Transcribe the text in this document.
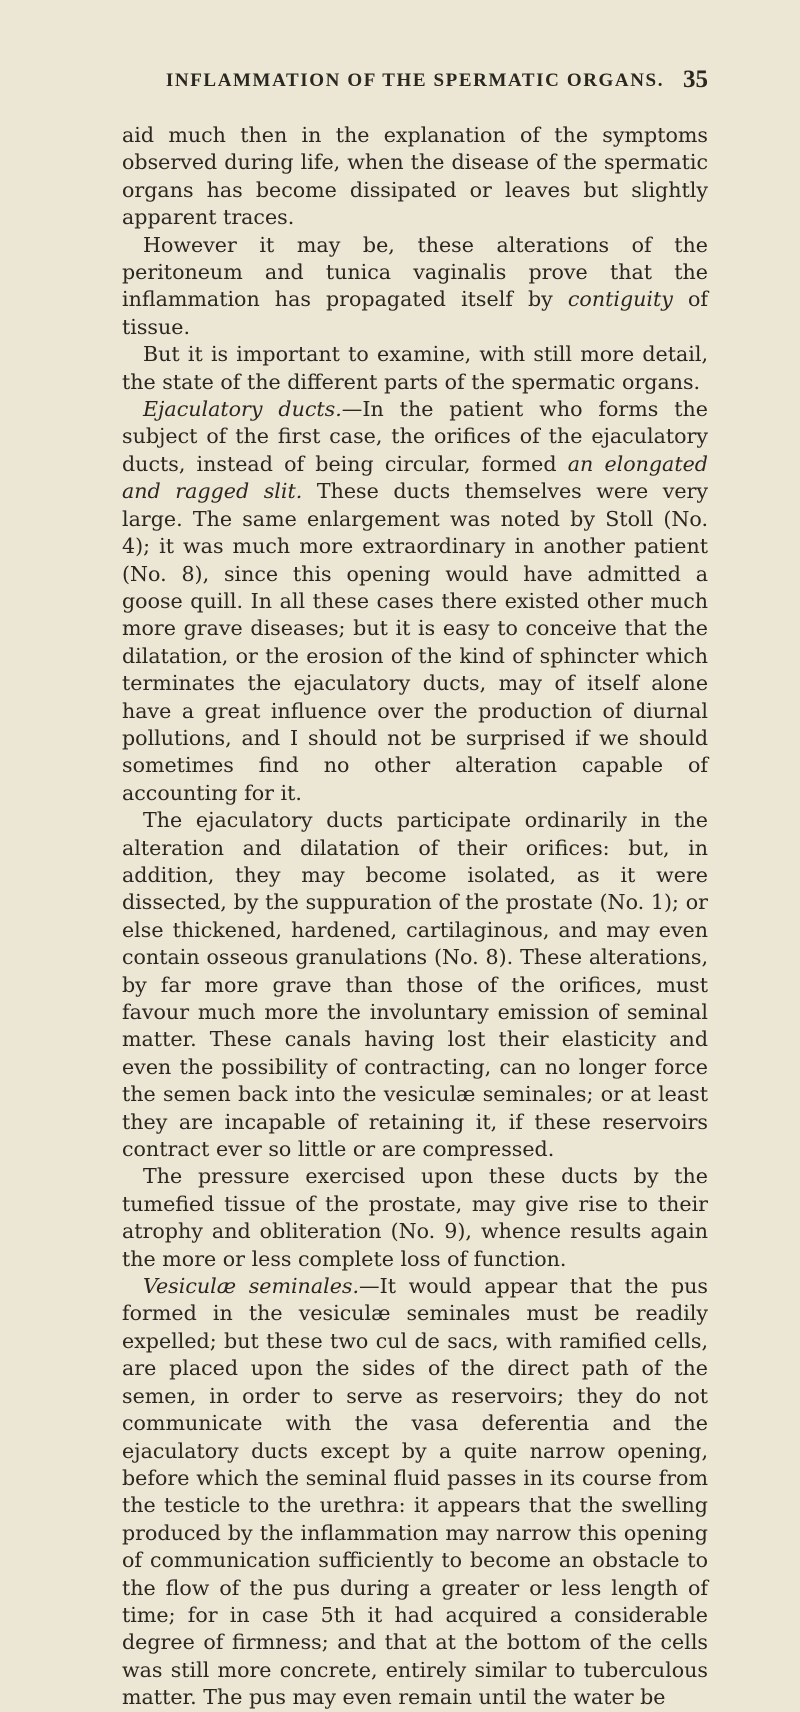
INFLAMMATION OF THE SPERMATIC ORGANS. 35

aid much then in the explanation of the symptoms observed during life, when the disease of the spermatic organs has become dissipated or leaves but slightly apparent traces.

However it may be, these alterations of the peritoneum and tunica vaginalis prove that the inflammation has propagated itself by contiguity of tissue.

But it is important to examine, with still more detail, the state of the different parts of the spermatic organs.

Ejaculatory ducts.—In the patient who forms the subject of the first case, the orifices of the ejaculatory ducts, instead of being circular, formed an elongated and ragged slit. These ducts themselves were very large. The same enlargement was noted by Stoll (No. 4); it was much more extraordinary in another patient (No. 8), since this opening would have admitted a goose quill. In all these cases there existed other much more grave diseases; but it is easy to conceive that the dilatation, or the erosion of the kind of sphincter which terminates the ejaculatory ducts, may of itself alone have a great influence over the production of diurnal pollutions, and I should not be surprised if we should sometimes find no other alteration capable of accounting for it.

The ejaculatory ducts participate ordinarily in the alteration and dilatation of their orifices: but, in addition, they may become isolated, as it were dissected, by the suppuration of the prostate (No. 1); or else thickened, hardened, cartilaginous, and may even contain osseous granulations (No. 8). These alterations, by far more grave than those of the orifices, must favour much more the involuntary emission of seminal matter. These canals having lost their elasticity and even the possibility of contracting, can no longer force the semen back into the vesiculæ seminales; or at least they are incapable of retaining it, if these reservoirs contract ever so little or are compressed.

The pressure exercised upon these ducts by the tumefied tissue of the prostate, may give rise to their atrophy and obliteration (No. 9), whence results again the more or less complete loss of function.

Vesiculæ seminales.—It would appear that the pus formed in the vesiculæ seminales must be readily expelled; but these two cul de sacs, with ramified cells, are placed upon the sides of the direct path of the semen, in order to serve as reservoirs; they do not communicate with the vasa deferentia and the ejaculatory ducts except by a quite narrow opening, before which the seminal fluid passes in its course from the testicle to the urethra: it appears that the swelling produced by the inflammation may narrow this opening of communication sufficiently to become an obstacle to the flow of the pus during a greater or less length of time; for in case 5th it had acquired a considerable degree of firmness; and that at the bottom of the cells was still more concrete, entirely similar to tuberculous matter. The pus may even remain until the water be
